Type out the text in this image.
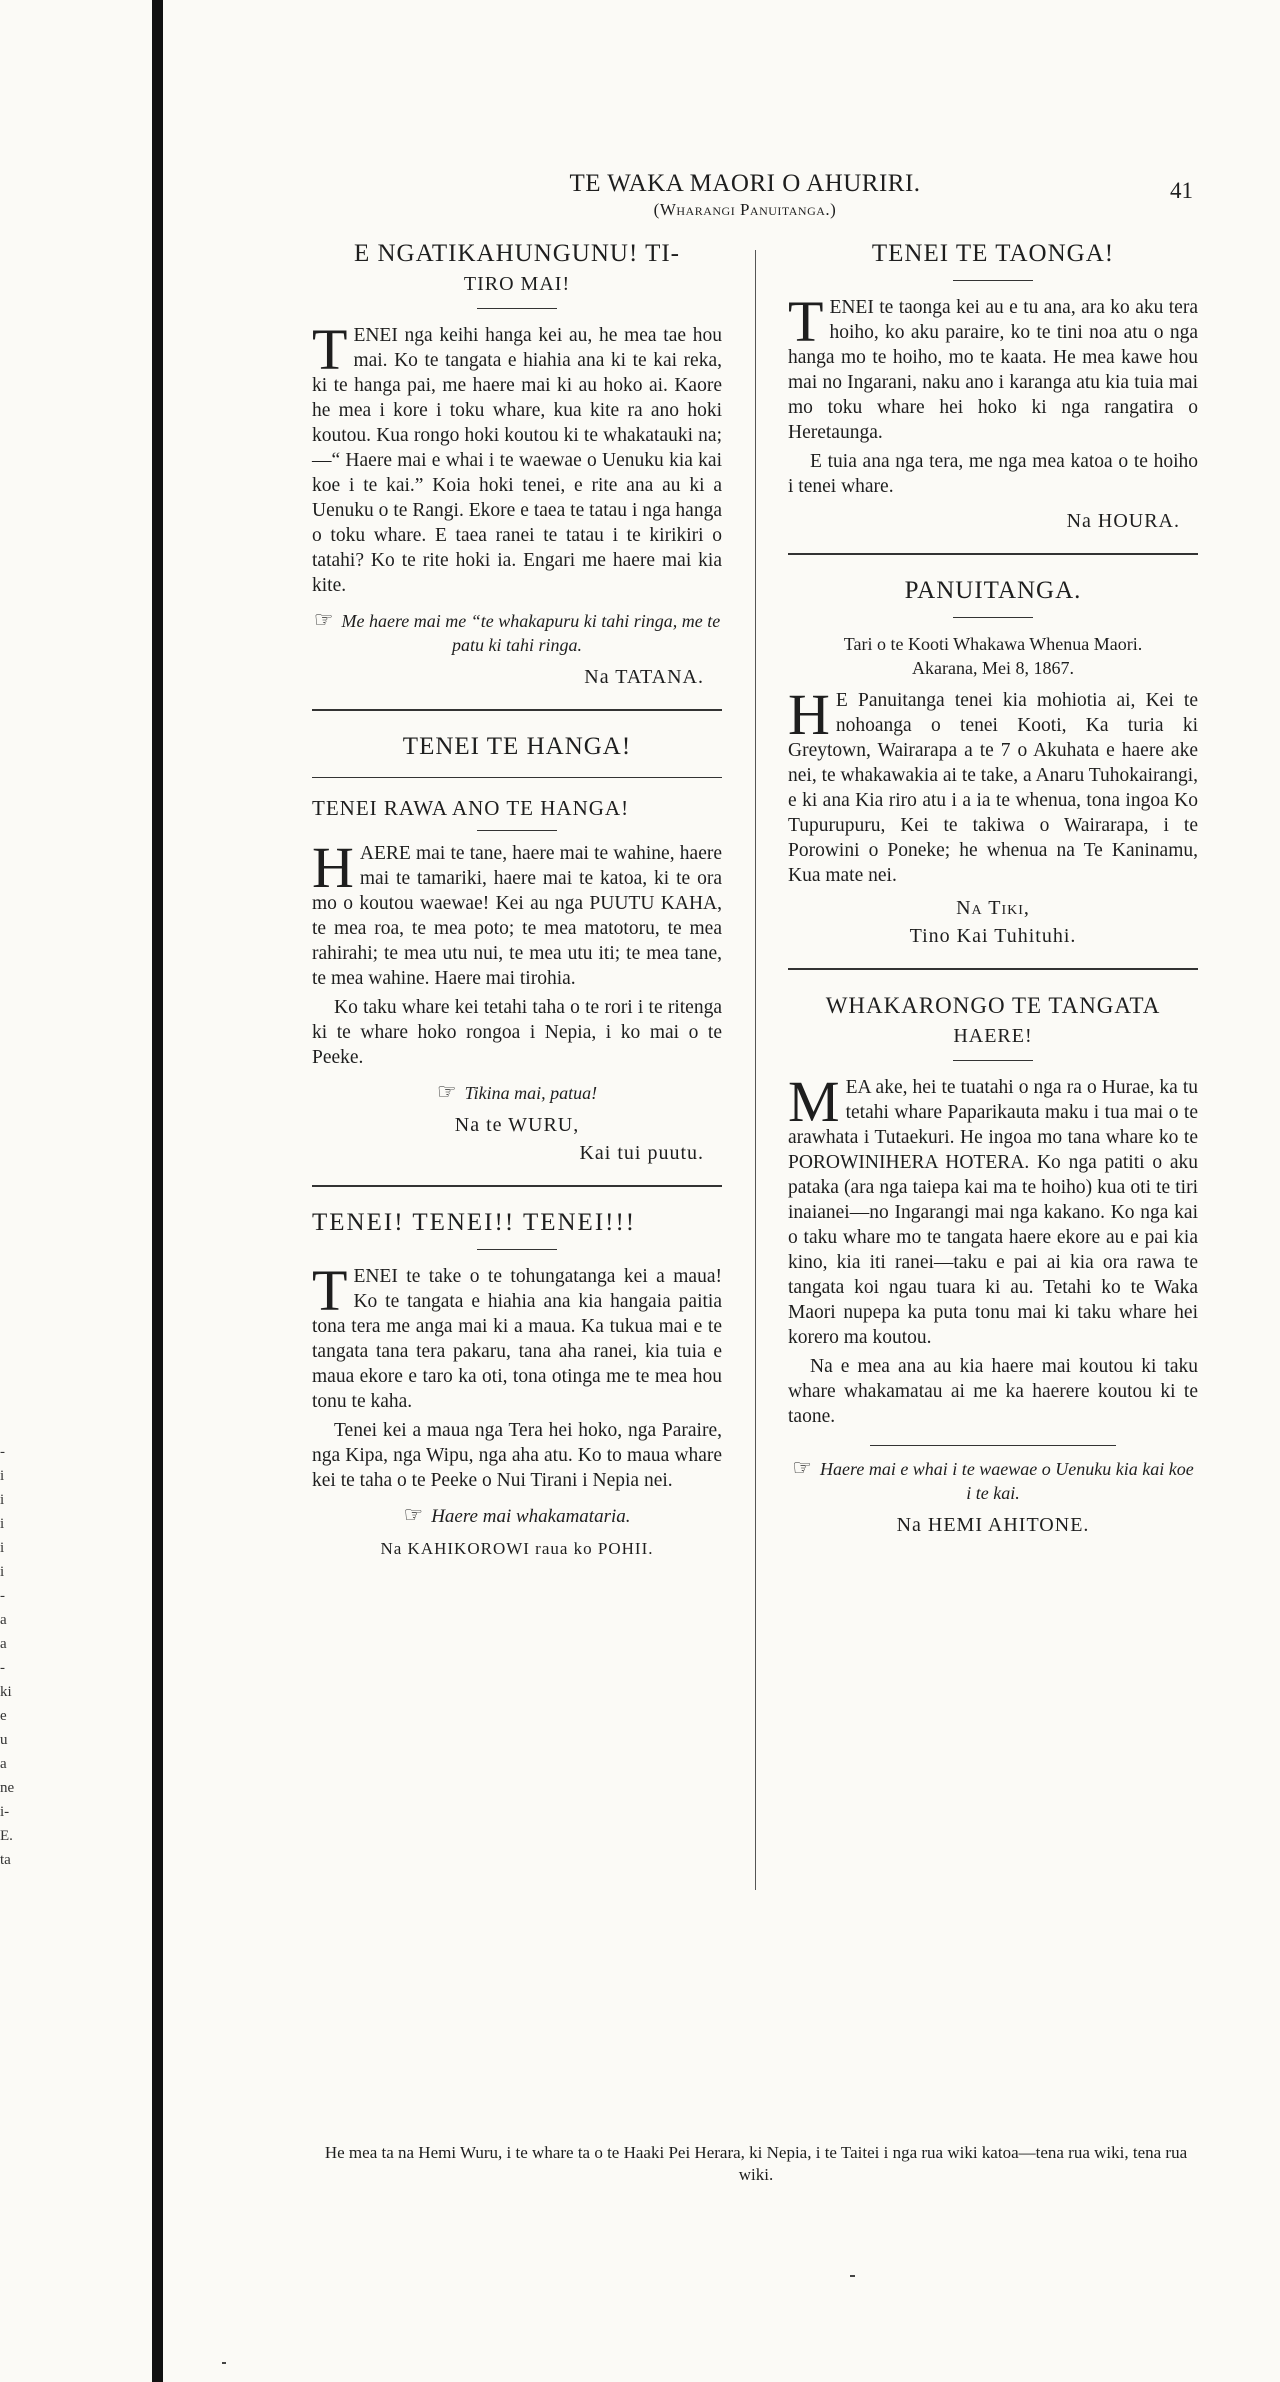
-
i
i
i
i
i
-
a
a
-
ki
e
u
a
ne
i-
E.
ta
TE WAKA MAORI O AHURIRI.
(Wharangi Panuitanga.)
41
E NGATIKAHUNGUNU! TI-
TIRO MAI!

TENEI nga keihi hanga kei au, he mea tae hou mai. Ko te tangata e hiahia ana ki te kai reka, ki te hanga pai, me haere mai ki au hoko ai. Kaore he mea i kore i toku whare, kua kite ra ano hoki koutou. Kua rongo hoki koutou ki te whakatauki na;—“ Haere mai e whai i te waewae o Uenuku kia kai koe i te kai.” Koia hoki tenei, e rite ana au ki a Uenuku o te Rangi. Ekore e taea te tatau i nga hanga o toku whare. E taea ranei te tatau i te kirikiri o tatahi? Ko te rite hoki ia. Engari me haere mai kia kite.

☞ Me haere mai me “te whakapuru ki tahi ringa, me te patu ki tahi ringa.
Na TATANA.
TENEI TE HANGA!
TENEI RAWA ANO TE HANGA!

HAERE mai te tane, haere mai te wahine, haere mai te tamariki, haere mai te katoa, ki te ora mo o koutou waewae! Kei au nga PUUTU KAHA, te mea roa, te mea poto; te mea matotoru, te mea rahirahi; te mea utu nui, te mea utu iti; te mea tane, te mea wahine. Haere mai tirohia.

Ko taku whare kei tetahi taha o te rori i te ritenga ki te whare hoko rongoa i Nepia, i ko mai o te Peeke.

☞ Tikina mai, patua!
Na te WURU,
Kai tui puutu.
TENEI! TENEI!! TENEI!!!

TENEI te take o te tohungatanga kei a maua! Ko te tangata e hiahia ana kia hangaia paitia tona tera me anga mai ki a maua. Ka tukua mai e te tangata tana tera pakaru, tana aha ranei, kia tuia e maua ekore e taro ka oti, tona otinga me te mea hou tonu te kaha.

Tenei kei a maua nga Tera hei hoko, nga Paraire, nga Kipa, nga Wipu, nga aha atu. Ko to maua whare kei te taha o te Peeke o Nui Tirani i Nepia nei.

☞ Haere mai whakamataria.
Na KAHIKOROWI raua ko POHII.
TENEI TE TAONGA!

TENEI te taonga kei au e tu ana, ara ko aku tera hoiho, ko aku paraire, ko te tini noa atu o nga hanga mo te hoiho, mo te kaata. He mea kawe hou mai no Ingarani, naku ano i karanga atu kia tuia mai mo toku whare hei hoko ki nga rangatira o Heretaunga.

E tuia ana nga tera, me nga mea katoa o te hoiho i tenei whare.

Na HOURA.
PANUITANGA.
Tari o te Kooti Whakawa Whenua Maori.
Akarana, Mei 8, 1867.

H E Panuitanga tenei kia mohiotia ai, Kei te nohoanga o tenei Kooti, Ka turia ki Greytown, Wairarapa a te 7 o Akuhata e haere ake nei, te whakawakia ai te take, a Anaru Tuhokairangi, e ki ana Kia riro atu i a ia te whenua, tona ingoa Ko Tupurupuru, Kei te takiwa o Wairarapa, i te Porowini o Poneke; he whenua na Te Kaninamu, Kua mate nei.

Na Tiki,
Tino Kai Tuhituhi.
WHAKARONGO TE TANGATA
HAERE!

MEA ake, hei te tuatahi o nga ra o Hurae, ka tu tetahi whare Paparikauta maku i tua mai o te arawhata i Tutaekuri. He ingoa mo tana whare ko te POROWINIHERA HOTERA. Ko nga patiti o aku pataka (ara nga taiepa kai ma te hoiho) kua oti te tiri inaianei—no Ingarangi mai nga kakano. Ko nga kai o taku whare mo te tangata haere ekore au e pai kia kino, kia iti ranei—taku e pai ai kia ora rawa te tangata koi ngau tuara ki au. Tetahi ko te Waka Maori nupepa ka puta tonu mai ki taku whare hei korero ma koutou.

Na e mea ana au kia haere mai koutou ki taku whare whakamatau ai me ka haerere koutou ki te taone.

☞ Haere mai e whai i te waewae o Uenuku kia kai koe i te kai.
Na HEMI AHITONE.
He mea ta na Hemi Wuru, i te whare ta o te Haaki Pei Herara, ki Nepia, i te Taitei i nga rua wiki katoa—tena rua wiki, tena rua wiki.
